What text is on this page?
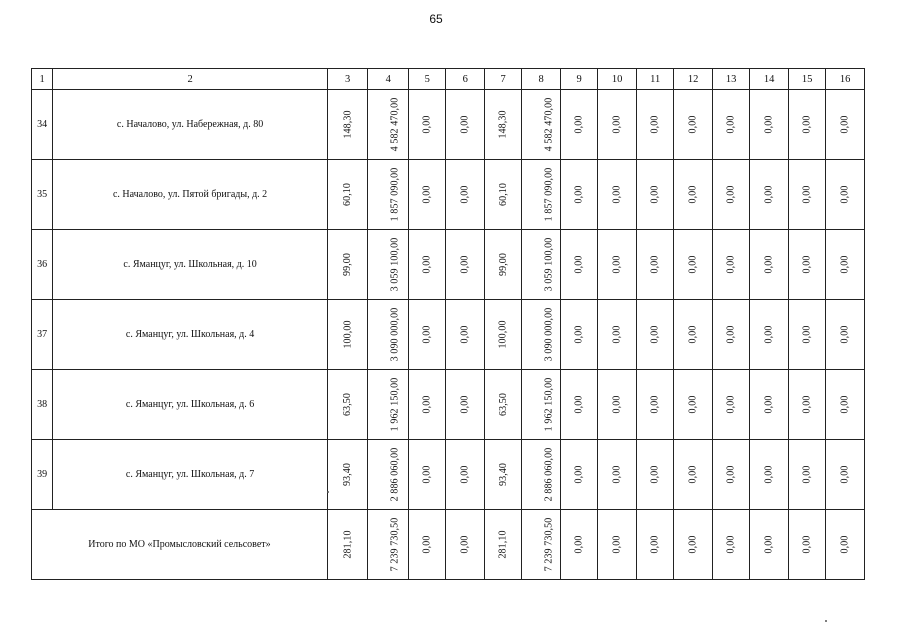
65
1	2	3	4	5	6	7	8	9	10	11	12	13	14	15	16
34	с. Началово, ул. Набережная, д. 80	148,30	4 582 470,00	0,00	0,00	148,30	4 582 470,00	0,00	0,00	0,00	0,00	0,00	0,00	0,00	0,00
35	с. Началово, ул. Пятой бригады, д. 2	60,10	1 857 090,00	0,00	0,00	60,10	1 857 090,00	0,00	0,00	0,00	0,00	0,00	0,00	0,00	0,00
36	с. Яманцуг, ул. Школьная, д. 10	99,00	3 059 100,00	0,00	0,00	99,00	3 059 100,00	0,00	0,00	0,00	0,00	0,00	0,00	0,00	0,00
37	с. Яманцуг, ул. Школьная, д. 4	100,00	3 090 000,00	0,00	0,00	100,00	3 090 000,00	0,00	0,00	0,00	0,00	0,00	0,00	0,00	0,00
38	с. Яманцуг, ул. Школьная, д. 6	63,50	1 962 150,00	0,00	0,00	63,50	1 962 150,00	0,00	0,00	0,00	0,00	0,00	0,00	0,00	0,00
39	с. Яманцуг, ул. Школьная, д. 7	93,40	2 886 060,00	0,00	0,00	93,40	2 886 060,00	0,00	0,00	0,00	0,00	0,00	0,00	0,00	0,00
Итого по МО «Промысловский сельсовет»		281,10	7 239 730,50	0,00	0,00	281,10	7 239 730,50	0,00	0,00	0,00	0,00	0,00	0,00	0,00	0,00
